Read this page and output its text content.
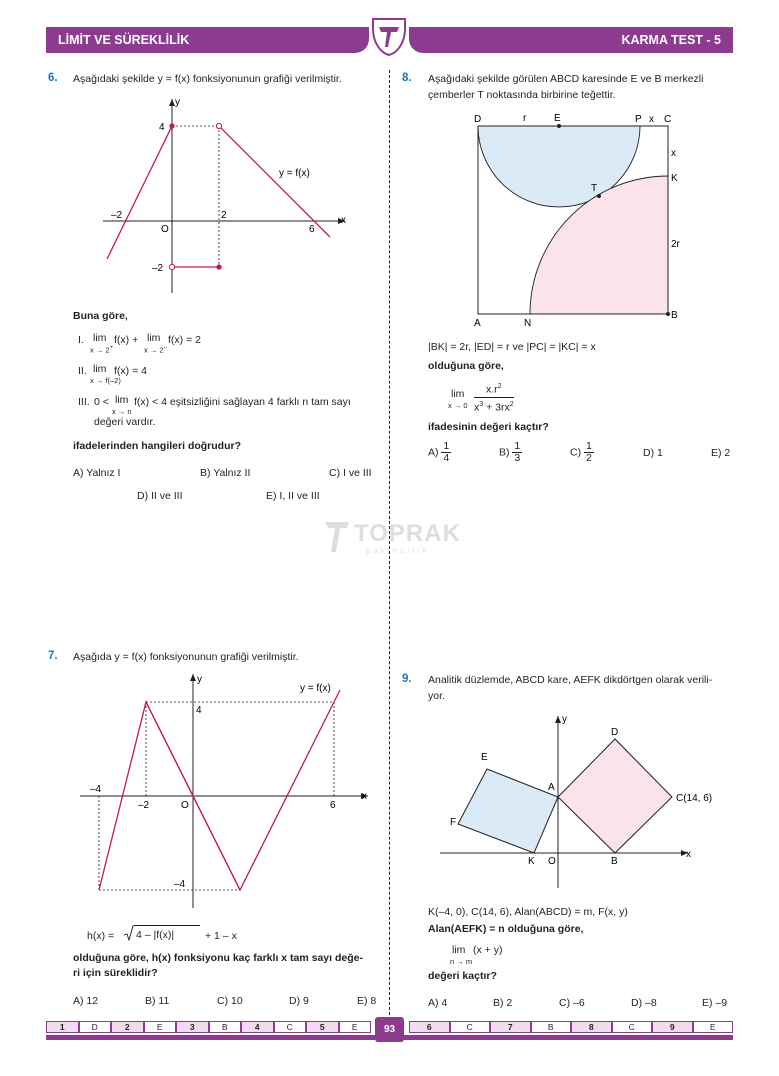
LİMİT VE SÜREKLİLİK	KARMA TEST - 5
TOPRAK
yayıncılık
6. Aşağıdaki şekilde y = f(x) fonksiyonunun grafiği verilmiştir.
y
x
4
–2
O
2
6
–2
y = f(x)
Buna göre,
I. lim
x → 2+
f(x) + lim
x → 2–
f(x) = 2
II. lim
x → f(–2)
f(x) = 4
III. 0 < lim
x → n
f(x) < 4 eşitsizliğini sağlayan 4 farklı n tam sayı
değeri vardır.
ifadelerinden hangileri doğrudur?
A) Yalnız I	B) Yalnız II	C) I ve III
D) II ve III	E) I, II ve III
7. Aşağıda y = f(x) fonksiyonunun grafiği verilmiştir.
y
x
4
–4
–2	O	6
–4
y = f(x)
h(x) = 4 – |f(x)|	+ 1 – x
olduğuna göre, h(x) fonksiyonu kaç farklı x tam sayı değe-
ri için süreklidir?
A) 12	B) 11	C) 10	D) 9	E) 8
8. Aşağıdaki şekilde görülen ABCD karesinde E ve B merkezli
çemberler T noktasında birbirine teğettir.
D	r	E	P x C
x
K
T
2r
A	N
B
|BK| = 2r, |ED| = r ve |PC| = |KC| = x
olduğuna göre,
lim
x → 0
$x.r^2$
$x^3 + 3rx^2$
ifadesinin değeri kaçtır?
$A) \frac{1}{4}$	$B) \frac{1}{3}$	$C) \frac{1}{2}$	D) 1	E) 2
9. Analitik düzlemde, ABCD kare, AEFK dikdörtgen olarak verili-
yor.
y
x
D
E
A
C(14, 6)
F
K O	B
K(–4, 0), C(14, 6), Alan(ABCD) = m, F(x, y)
Alan(AEFK) = n olduğuna göre,
lim
n → m
(x + y)
değeri kaçtır?
A) 4	B) 2	C) –6	D) –8	E) –9
1	D	2	E	3	B	4	C	5	E	6	C	7	B	8	C	9	E
93
